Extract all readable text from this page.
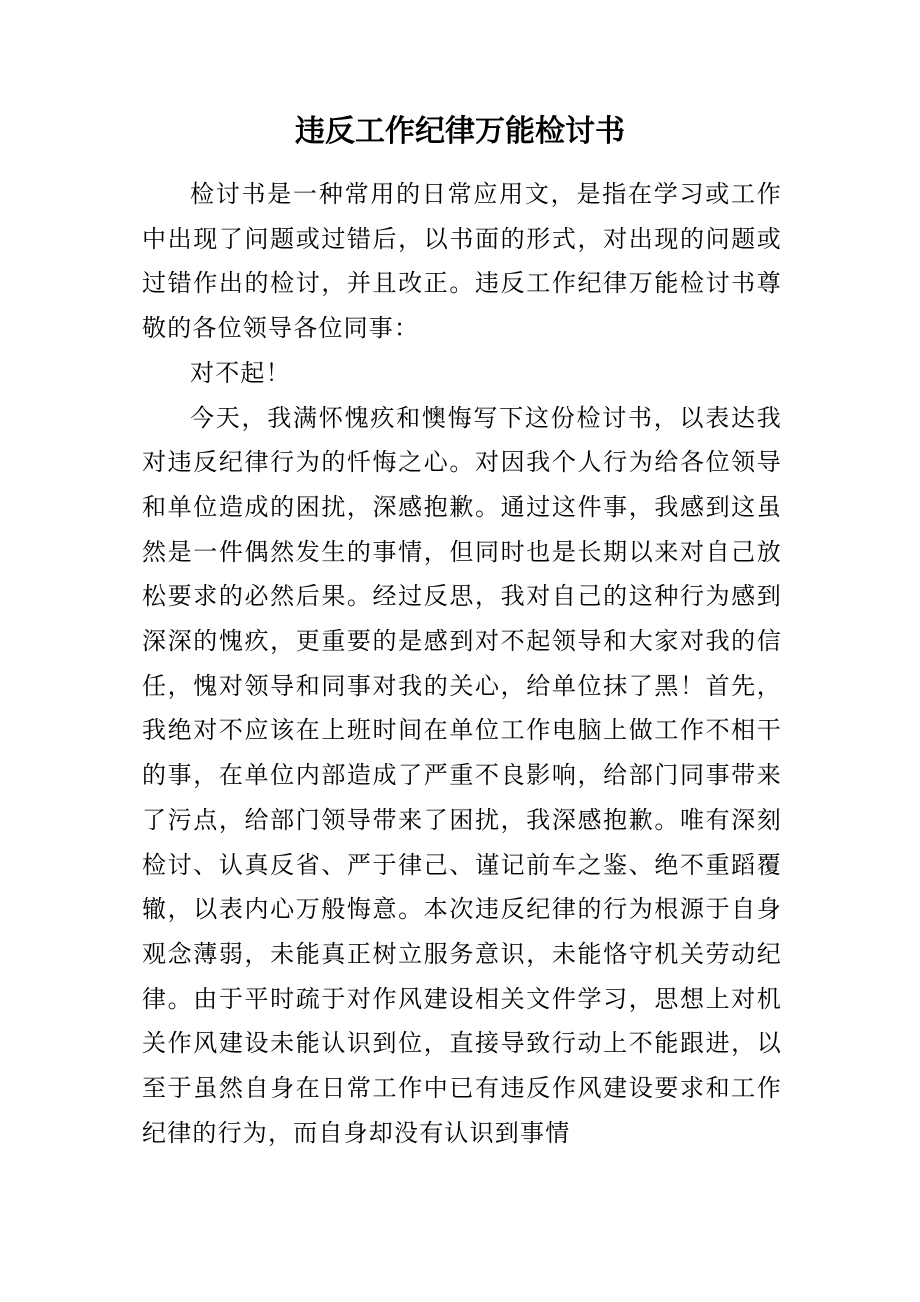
违反工作纪律万能检讨书

检讨书是一种常用的日常应用文，是指在学习或工作中出现了问题或过错后，以书面的形式，对出现的问题或过错作出的检讨，并且改正。违反工作纪律万能检讨书尊敬的各位领导各位同事：

对不起！

今天，我满怀愧疚和懊悔写下这份检讨书，以表达我对违反纪律行为的忏悔之心。对因我个人行为给各位领导和单位造成的困扰，深感抱歉。通过这件事，我感到这虽然是一件偶然发生的事情，但同时也是长期以来对自己放松要求的必然后果。经过反思，我对自己的这种行为感到深深的愧疚，更重要的是感到对不起领导和大家对我的信任，愧对领导和同事对我的关心，给单位抹了黑！首先，我绝对不应该在上班时间在单位工作电脑上做工作不相干的事，在单位内部造成了严重不良影响，给部门同事带来了污点，给部门领导带来了困扰，我深感抱歉。唯有深刻检讨、认真反省、严于律己、谨记前车之鉴、绝不重蹈覆辙，以表内心万般悔意。本次违反纪律的行为根源于自身观念薄弱，未能真正树立服务意识，未能恪守机关劳动纪律。由于平时疏于对作风建设相关文件学习，思想上对机关作风建设未能认识到位，直接导致行动上不能跟进，以至于虽然自身在日常工作中已有违反作风建设要求和工作纪律的行为，而自身却没有认识到事情
